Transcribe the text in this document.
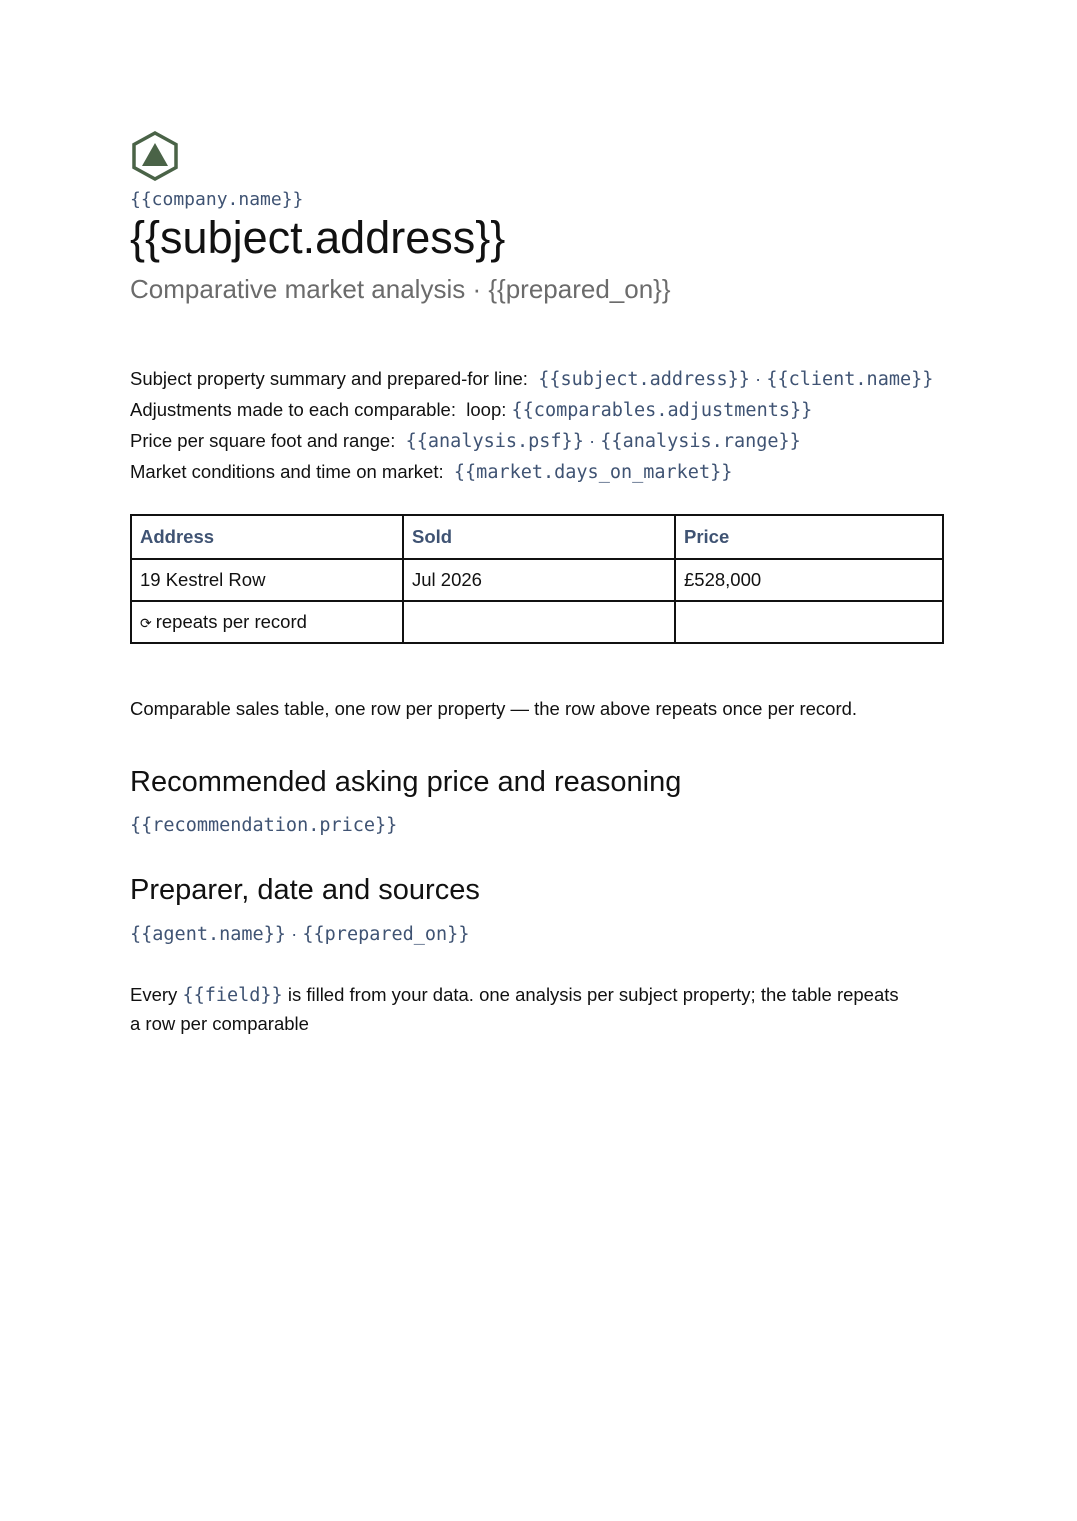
{{company.name}}
{{subject.address}}
Comparative market analysis · {{prepared_on}}
Subject property summary and prepared-for line: {{subject.address}} · {{client.name}}
Adjustments made to each comparable: loop: {{comparables.adjustments}}
Price per square foot and range: {{analysis.psf}} · {{analysis.range}}
Market conditions and time on market: {{market.days_on_market}}
Address	Sold	Price
19 Kestrel Row	Jul 2026	£528,000
⟳ repeats per record		
Comparable sales table, one row per property — the row above repeats once per record.
Recommended asking price and reasoning
{{recommendation.price}}
Preparer, date and sources
{{agent.name}} · {{prepared_on}}
Every {{field}} is filled from your data. one analysis per subject property; the table repeats a row per comparable
